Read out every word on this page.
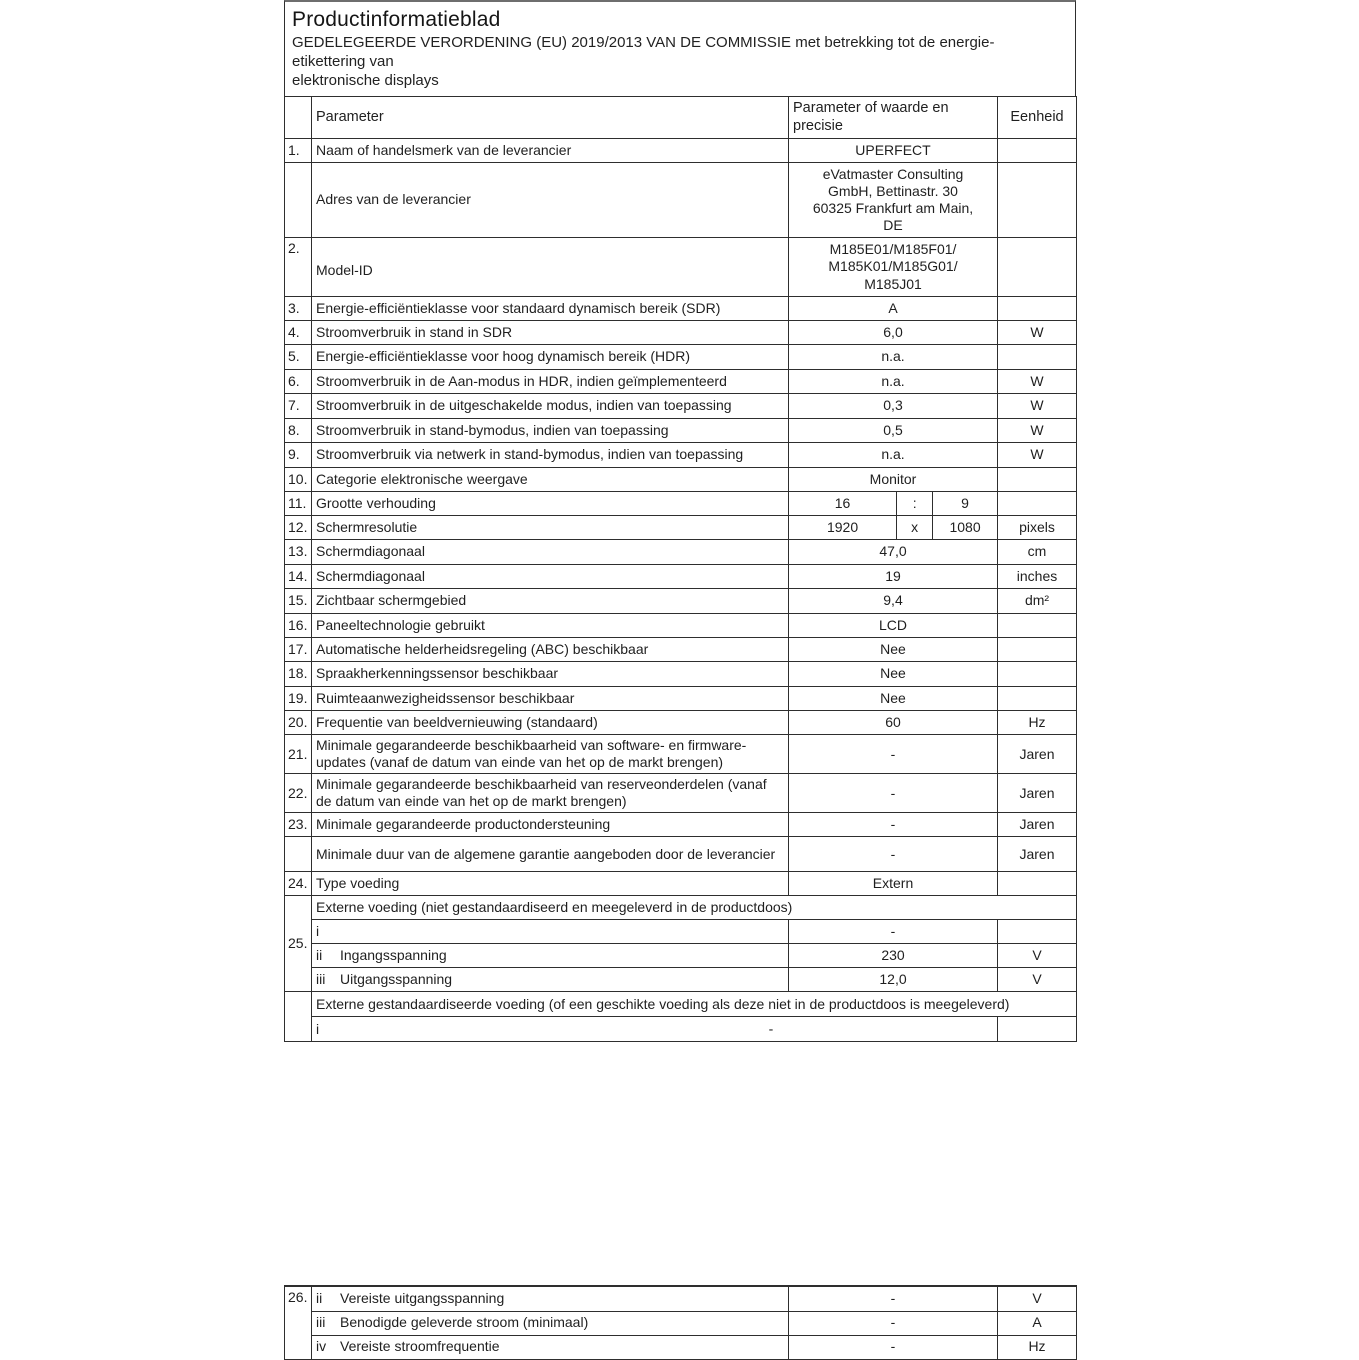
Productinformatieblad
GEDELEGEERDE VERORDENING (EU) 2019/2013 VAN DE COMMISSIE met betrekking tot de energie-
etikettering van
elektronische displays
	Parameter	Parameter of waarde en precisie	Eenheid
1.	Naam of handelsmerk van de leverancier	UPERFECT	
	Adres van de leverancier	eVatmaster Consulting
GmbH, Bettinastr. 30
60325 Frankfurt am Main,
DE	

2.	Model-ID	M185E01/M185F01/
M185K01/M185G01/
M185J01	

3.	Energie-efficiëntieklasse voor standaard dynamisch bereik (SDR)	A	
4.	Stroomverbruik in stand in SDR	6,0	W
5.	Energie-efficiëntieklasse voor hoog dynamisch bereik (HDR)	n.a.	
6.	Stroomverbruik in de Aan-modus in HDR, indien geïmplementeerd	n.a.	W
7.	Stroomverbruik in de uitgeschakelde modus, indien van toepassing	0,3	W
8.	Stroomverbruik in stand-bymodus, indien van toepassing	0,5	W
9.	Stroomverbruik via netwerk in stand-bymodus, indien van toepassing	n.a.	W
10.	Categorie elektronische weergave	Monitor	
11.	Grootte verhouding	16 : 9	

12.	Schermresolutie	1920 x 1080	pixels
13.	Schermdiagonaal	47,0	cm
14.	Schermdiagonaal	19	inches
15.	Zichtbaar schermgebied	9,4	dm²
16.	Paneeltechnologie gebruikt	LCD	
17.	Automatische helderheidsregeling (ABC) beschikbaar	Nee	
18.	Spraakherkenningssensor beschikbaar	Nee	
19.	Ruimteaanwezigheidssensor beschikbaar	Nee	
20.	Frequentie van beeldvernieuwing (standaard)	60	Hz
21.	Minimale gegarandeerde beschikbaarheid van software- en firmware-updates (vanaf de datum van einde van het op de markt brengen)	-	Jaren
22.	Minimale gegarandeerde beschikbaarheid van reserveonderdelen (vanaf de datum van einde van het op de markt brengen)	-	Jaren
23.	Minimale gegarandeerde productondersteuning	-	Jaren
	Minimale duur van de algemene garantie aangeboden door de leverancier	-	Jaren
24.	Type voeding	Extern	
25.	Externe voeding (niet gestandaardiseerd en meegeleverd in de productdoos)		
	i	-	
	ii Ingangsspanning	230	V
	iii Uitgangsspanning	12,0	V
	Externe gestandaardiseerde voeding (of een geschikte voeding als deze niet in de productdoos is meegeleverd)		
	i -		

26.	ii Vereiste uitgangsspanning	-	V
	iii Benodigde geleverde stroom (minimaal)	-	A
	iv Vereiste stroomfrequentie	-	Hz
